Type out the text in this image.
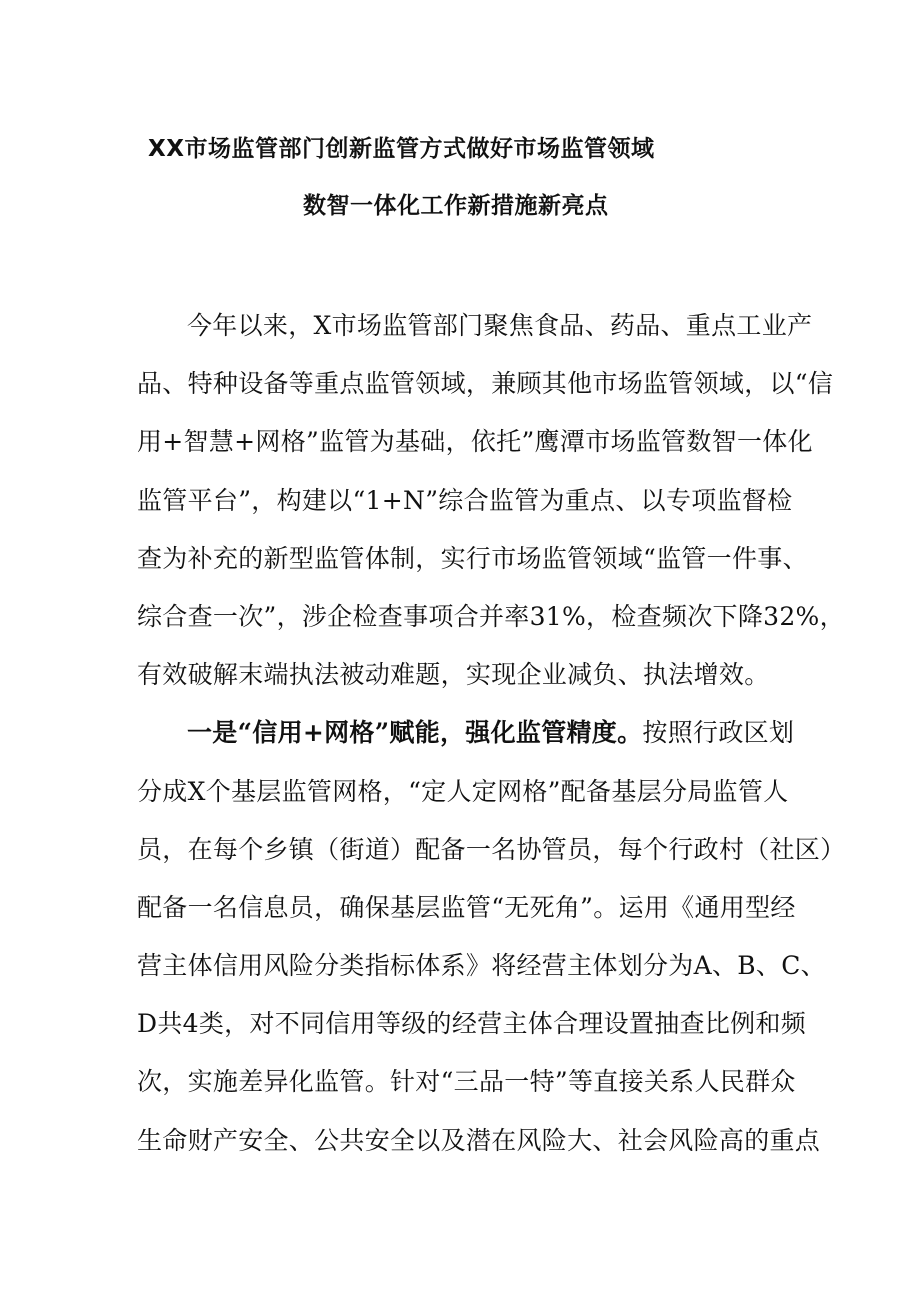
XX市场监管部门创新监管方式做好市场监管领域
数智一体化工作新措施新亮点
今年以来，X市场监管部门聚焦食品、药品、重点工业产
品、特种设备等重点监管领域，兼顾其他市场监管领域，以“信
用+智慧+网格”监管为基础，依托”鹰潭市场监管数智一体化
监管平台”，构建以“1+N”综合监管为重点、以专项监督检
查为补充的新型监管体制，实行市场监管领域“监管一件事、
综合查一次”，涉企检查事项合并率31%，检查频次下降32%，
有效破解末端执法被动难题，实现企业减负、执法增效。
一是“信用+网格”赋能，强化监管精度。按照行政区划
分成X个基层监管网格，“定人定网格”配备基层分局监管人
员，在每个乡镇（街道）配备一名协管员，每个行政村（社区）
配备一名信息员，确保基层监管“无死角”。运用《通用型经
营主体信用风险分类指标体系》将经营主体划分为A、B、C、
D共4类，对不同信用等级的经营主体合理设置抽查比例和频
次，实施差异化监管。针对“三品一特”等直接关系人民群众
生命财产安全、公共安全以及潜在风险大、社会风险高的重点
